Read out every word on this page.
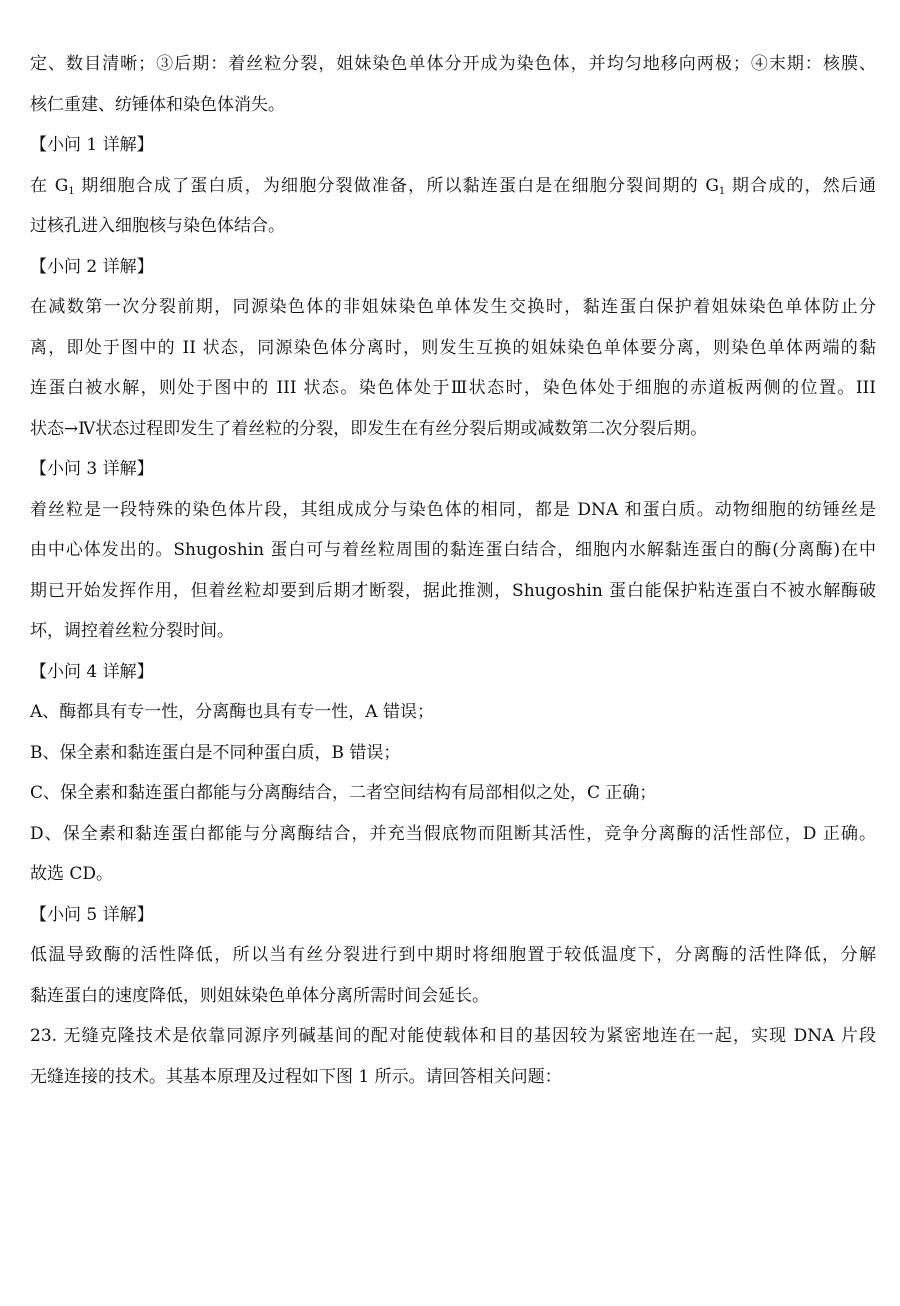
定、数目清晰；③后期：着丝粒分裂，姐妹染色单体分开成为染色体，并均匀地移向两极；④末期：核膜、

核仁重建、纺锤体和染色体消失。

【小问 1 详解】

在 $G_1$ 期细胞合成了蛋白质，为细胞分裂做准备，所以黏连蛋白是在细胞分裂间期的 $G_1$ 期合成的，然后通

过核孔进入细胞核与染色体结合。

【小问 2 详解】

在减数第一次分裂前期，同源染色体的非姐妹染色单体发生交换时，黏连蛋白保护着姐妹染色单体防止分

离，即处于图中的 II 状态，同源染色体分离时，则发生互换的姐妹染色单体要分离，则染色单体两端的黏

连蛋白被水解，则处于图中的 III 状态。染色体处于Ⅲ状态时，染色体处于细胞的赤道板两侧的位置。III

状态→Ⅳ状态过程即发生了着丝粒的分裂，即发生在有丝分裂后期或减数第二次分裂后期。

【小问 3 详解】

着丝粒是一段特殊的染色体片段，其组成成分与染色体的相同，都是 DNA 和蛋白质。动物细胞的纺锤丝是

由中心体发出的。Shugoshin 蛋白可与着丝粒周围的黏连蛋白结合，细胞内水解黏连蛋白的酶(分离酶)在中

期已开始发挥作用，但着丝粒却要到后期才断裂，据此推测，Shugoshin 蛋白能保护粘连蛋白不被水解酶破

坏，调控着丝粒分裂时间。

【小问 4 详解】

A、酶都具有专一性，分离酶也具有专一性，A 错误；

B、保全素和黏连蛋白是不同种蛋白质，B 错误；

C、保全素和黏连蛋白都能与分离酶结合，二者空间结构有局部相似之处，C 正确；

D、保全素和黏连蛋白都能与分离酶结合，并充当假底物而阻断其活性，竞争分离酶的活性部位，D 正确。

故选 CD。

【小问 5 详解】

低温导致酶的活性降低，所以当有丝分裂进行到中期时将细胞置于较低温度下，分离酶的活性降低，分解

黏连蛋白的速度降低，则姐妹染色单体分离所需时间会延长。

23. 无缝克隆技术是依靠同源序列碱基间的配对能使载体和目的基因较为紧密地连在一起，实现 DNA 片段

无缝连接的技术。其基本原理及过程如下图 1 所示。请回答相关问题：
